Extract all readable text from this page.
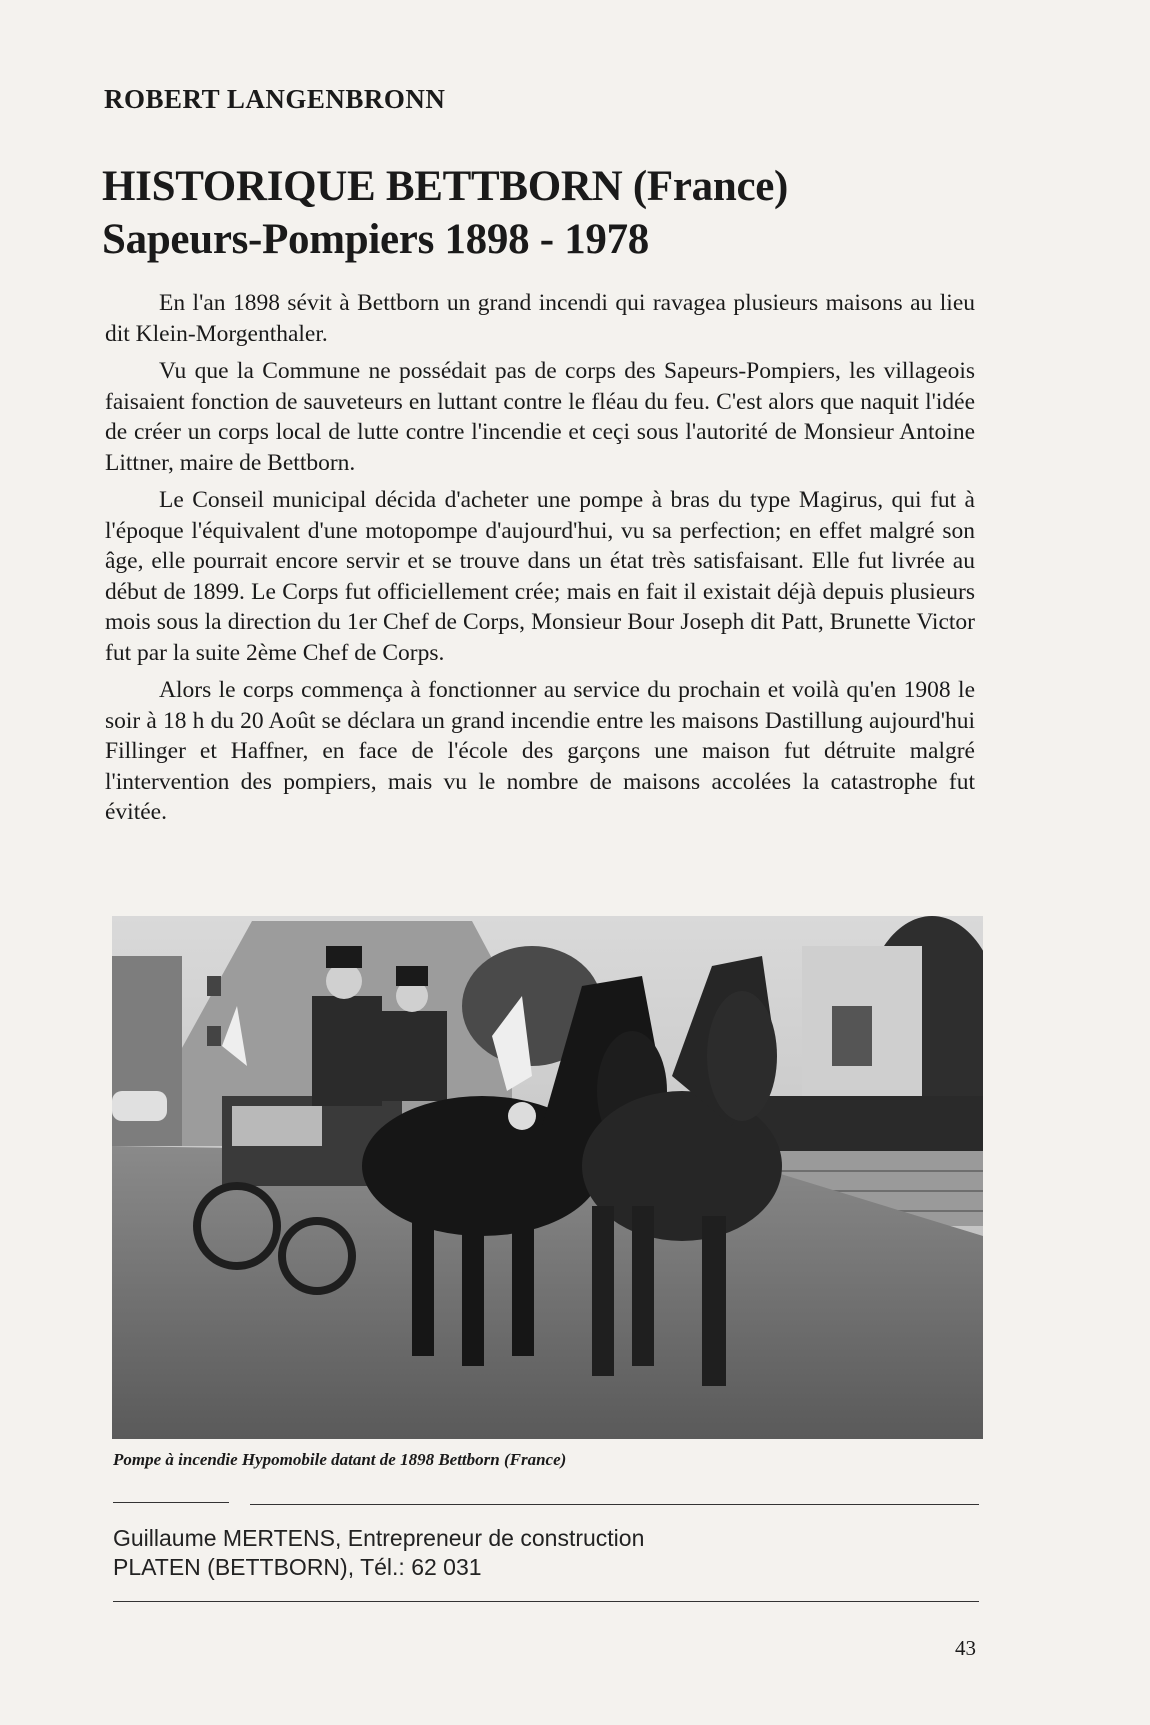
ROBERT LANGENBRONN
HISTORIQUE BETTBORN (France)
Sapeurs-Pompiers 1898 - 1978

En l'an 1898 sévit à Bettborn un grand incendi qui ravagea plusieurs maisons au lieu dit Klein-Morgenthaler.

Vu que la Commune ne possédait pas de corps des Sapeurs-Pompiers, les villageois faisaient fonction de sauveteurs en luttant contre le fléau du feu. C'est alors que naquit l'idée de créer un corps local de lutte contre l'incendie et ceçi sous l'autorité de Monsieur Antoine Littner, maire de Bettborn.

Le Conseil municipal décida d'acheter une pompe à bras du type Magirus, qui fut à l'époque l'équivalent d'une motopompe d'aujourd'hui, vu sa perfection; en effet malgré son âge, elle pourrait encore servir et se trouve dans un état très satisfaisant. Elle fut livrée au début de 1899. Le Corps fut officiellement crée; mais en fait il existait déjà depuis plusieurs mois sous la direction du 1er Chef de Corps, Monsieur Bour Joseph dit Patt, Brunette Victor fut par la suite 2ème Chef de Corps.

Alors le corps commença à fonctionner au service du prochain et voilà qu'en 1908 le soir à 18 h du 20 Août se déclara un grand incendie entre les maisons Dastillung aujourd'hui Fillinger et Haffner, en face de l'école des garçons une maison fut détruite malgré l'intervention des pompiers, mais vu le nombre de maisons accolées la catastrophe fut évitée.

Pompe à incendie Hypomobile datant de 1898 Bettborn (France)
Guillaume MERTENS, Entrepreneur de construction
PLATEN (BETTBORN), Tél.: 62 031
43
